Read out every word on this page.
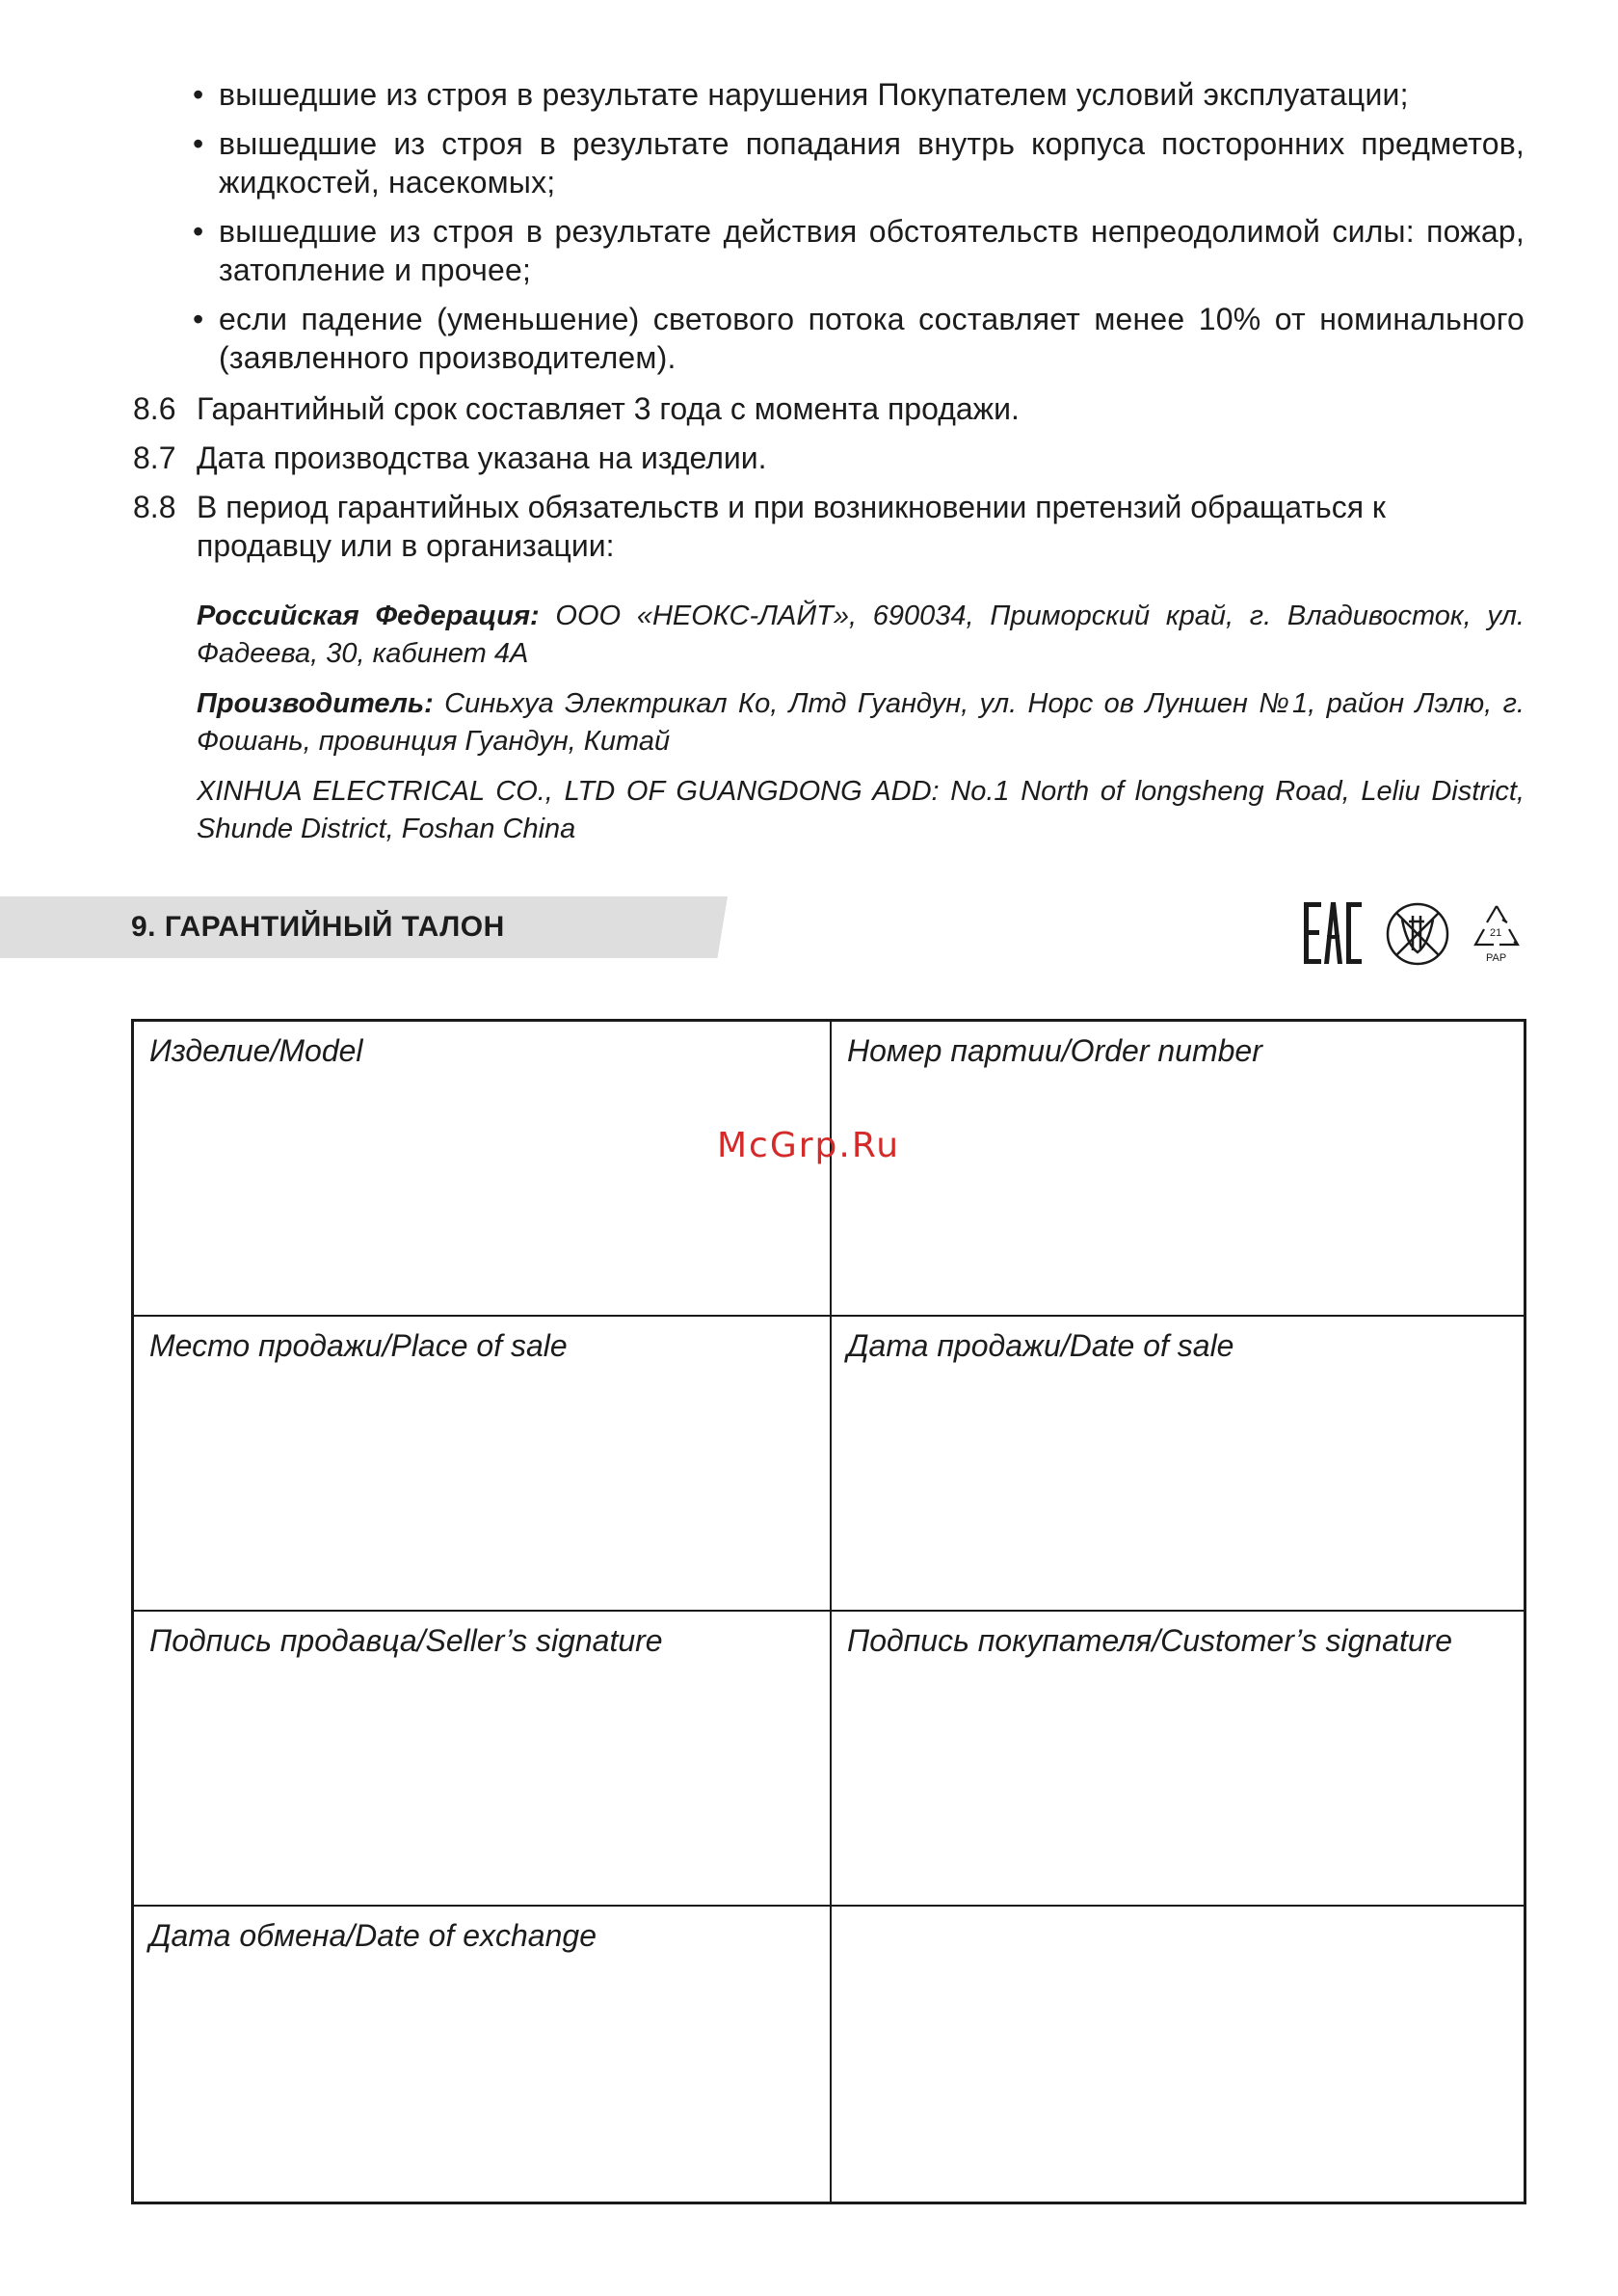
• вышедшие из строя в результате нарушения Покупателем условий эксплуатации;
• вышедшие из строя в результате попадания внутрь корпуса посторонних предметов, жидкостей, насекомых;
• вышедшие из строя в результате действия обстоятельств непреодолимой силы: пожар, затопление и прочее;
• если падение (уменьшение) светового потока составляет менее 10% от номинального (заявленного производителем).
8.6 Гарантийный срок составляет 3 года с момента продажи.
8.7 Дата производства указана на изделии.
8.8 В период гарантийных обязательств и при возникновении претензий обращаться к продавцу или в организации:
Российская Федерация: ООО «НЕОКС-ЛАЙТ», 690034, Приморский край, г. Владивосток, ул. Фадеева, 30, кабинет 4А
Производитель: Синьхуа Электрикал Ко, Лтд Гуандун, ул. Норс ов Луншен №1, район Лэлю, г. Фошань, провинция Гуандун, Китай
XINHUA ELECTRICAL CO., LTD OF GUANGDONG ADD: No.1 North of longsheng Road, Leliu District, Shunde District, Foshan China
9. ГАРАНТИЙНЫЙ ТАЛОН	21
PAP
Изделие/Model	Номер партии/Order number
Место продажи/Place of sale	Дата продажи/Date of sale
Подпись продавца/Seller’s signature	Подпись покупателя/Customer’s signature
Дата обмена/Date of exchange
McGrp.Ru
